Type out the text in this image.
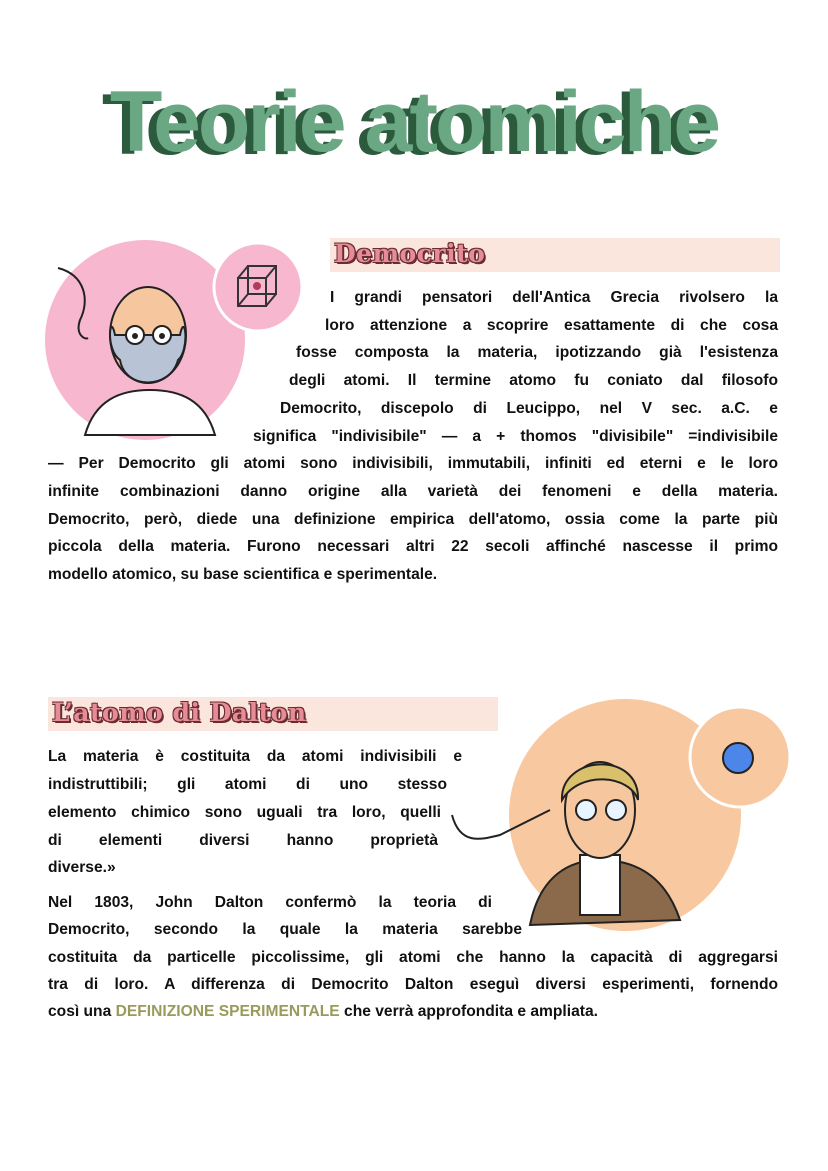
Teorie atomiche
Democrito
I grandi pensatori dell'Antica Grecia rivolsero la
loro attenzione a scoprire esattamente di che cosa
fosse composta la materia, ipotizzando già l'esistenza
degli atomi. Il termine atomo fu coniato dal filosofo
Democrito, discepolo di Leucippo, nel V sec. a.C. e
significa "indivisibile" — a + thomos "divisibile" =indivisibile
— Per Democrito gli atomi sono indivisibili, immutabili, infiniti ed eterni e le loro
infinite combinazioni danno origine alla varietà dei fenomeni e della materia.
Democrito, però, diede una definizione empirica dell'atomo, ossia come la parte più
piccola della materia. Furono necessari altri 22 secoli affinché nascesse il primo
modello atomico, su base scientifica e sperimentale.
L’atomo di Dalton
La materia è costituita da atomi indivisibili e
indistruttibili; gli atomi di uno stesso
elemento chimico sono uguali tra loro, quelli
di elementi diversi hanno proprietà
diverse.»
Nel 1803, John Dalton confermò la teoria di
Democrito, secondo la quale la materia sarebbe
costituita da particelle piccolissime, gli atomi che hanno la capacità di aggregarsi
tra di loro. A differenza di Democrito Dalton eseguì diversi esperimenti, fornendo
così una DEFINIZIONE SPERIMENTALE che verrà approfondita e ampliata.
